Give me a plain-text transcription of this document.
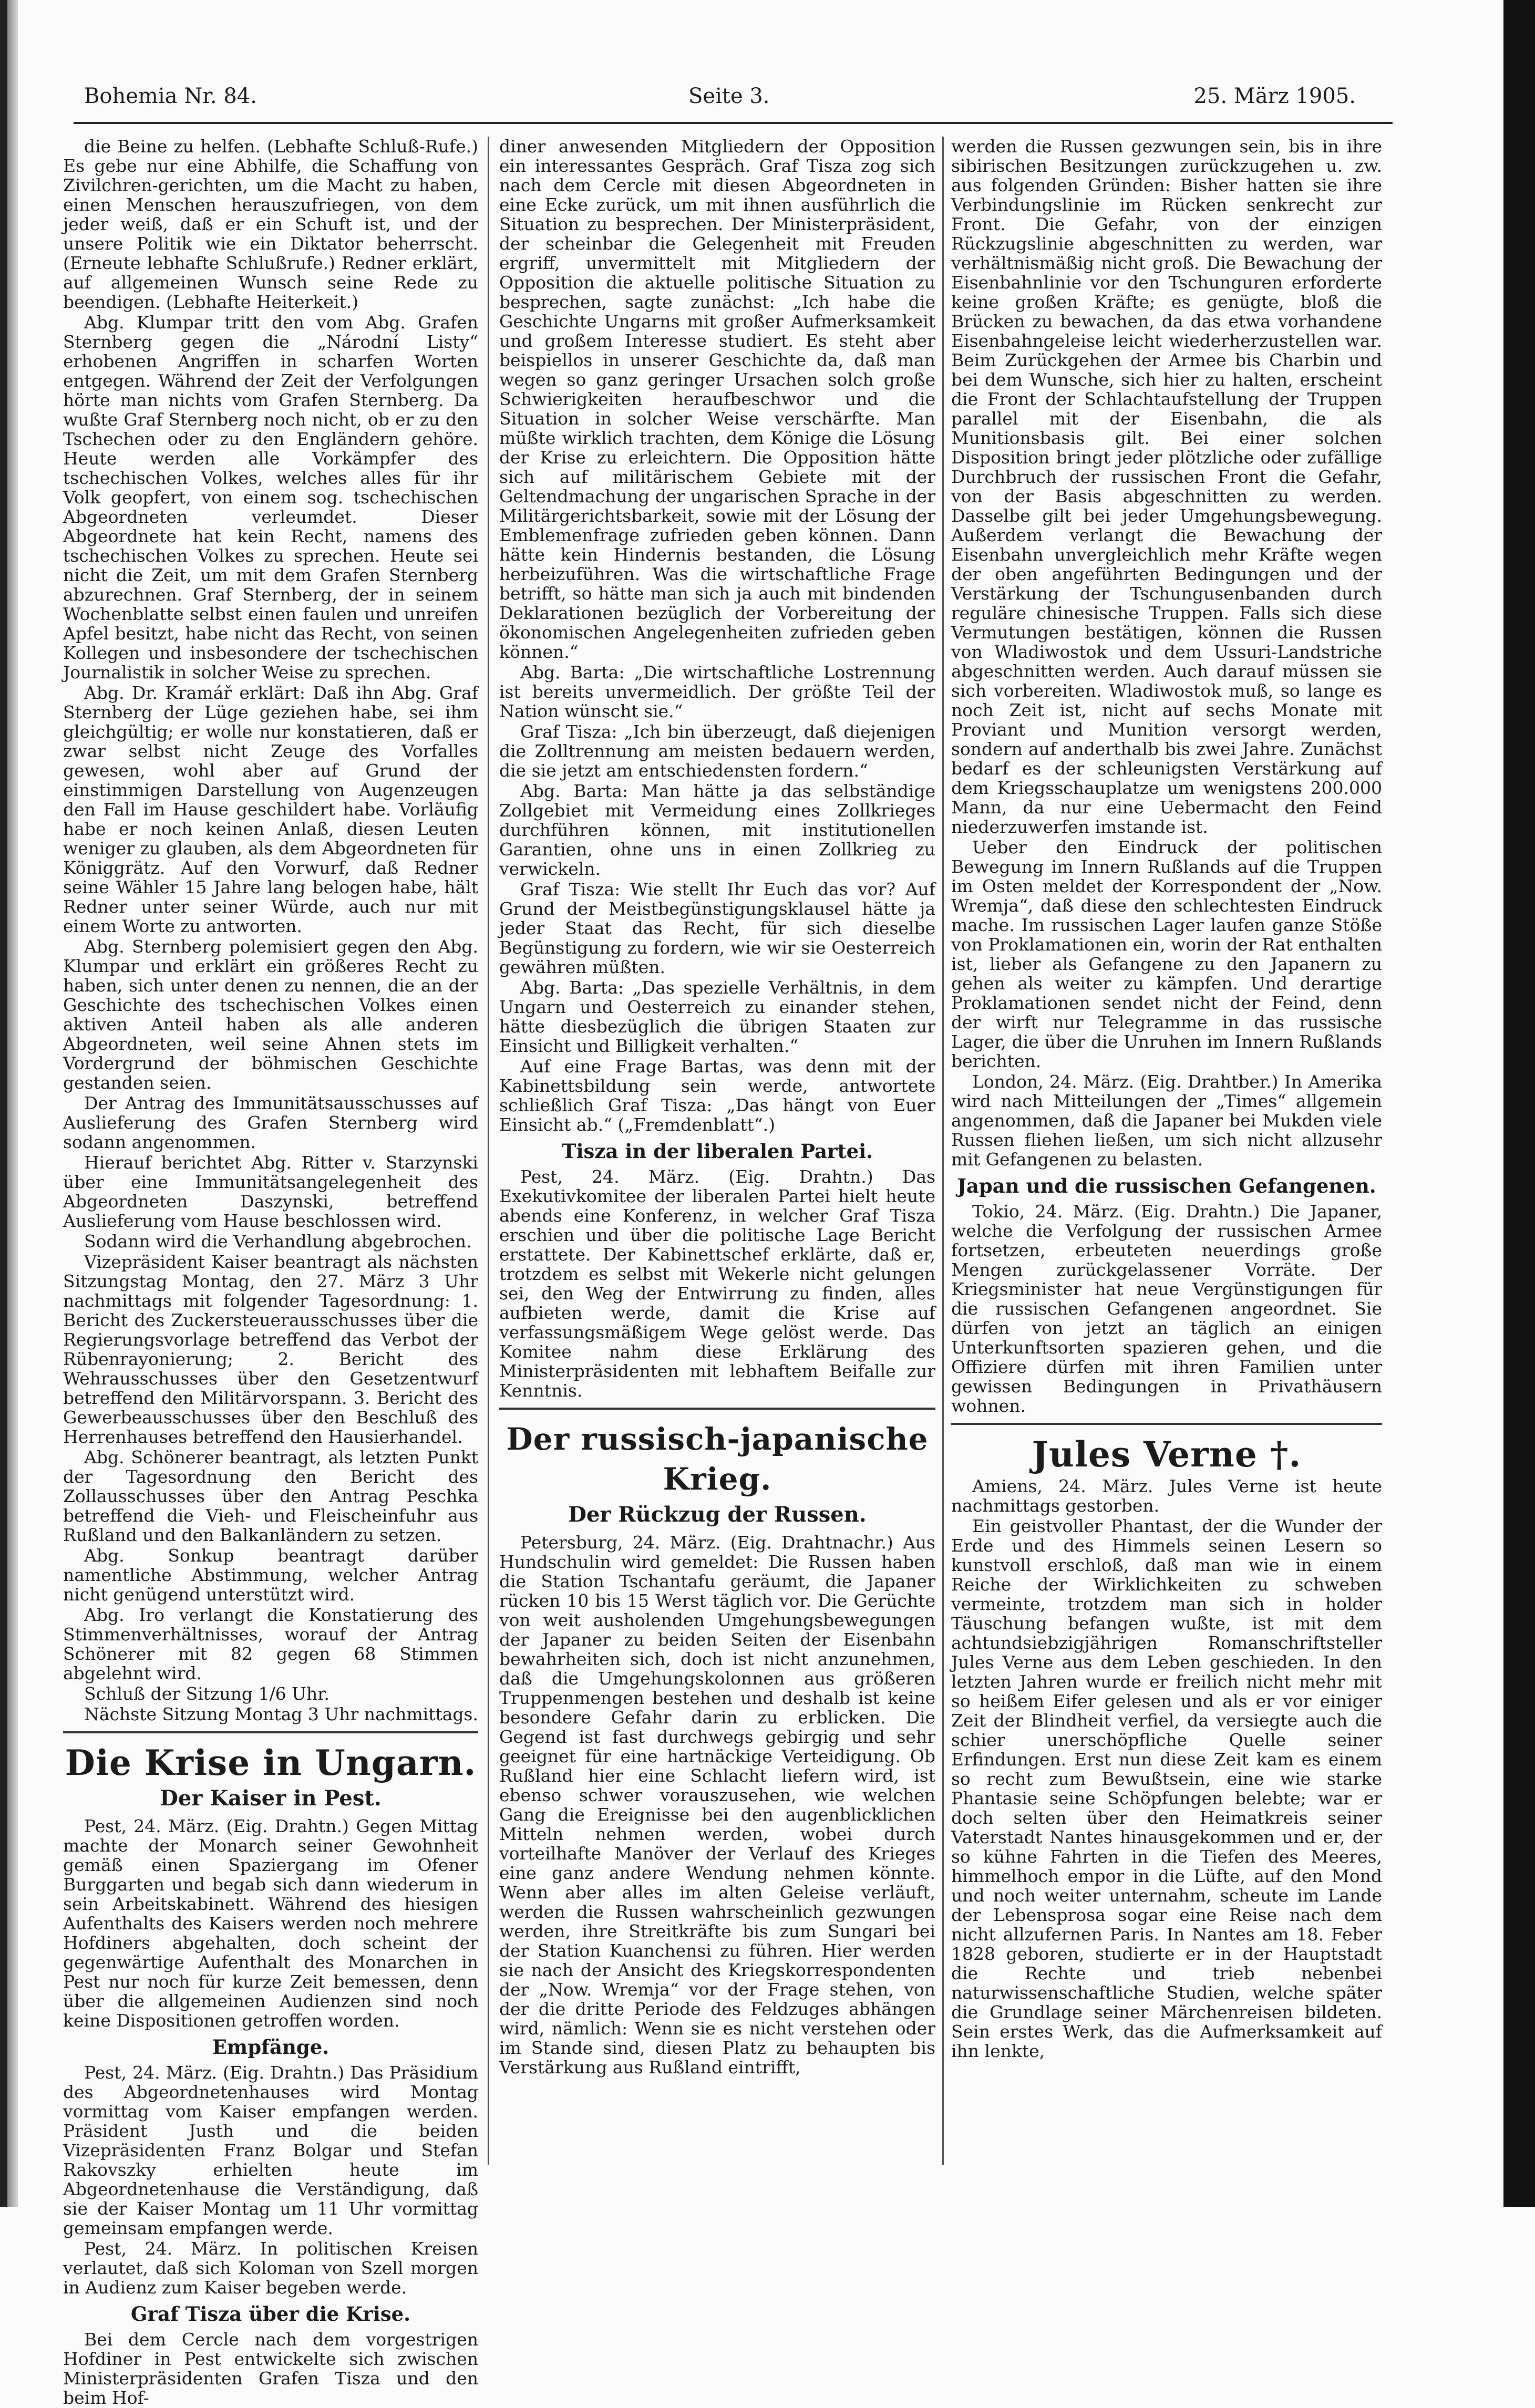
Bohemia Nr. 84.	Seite 3.	25. März 1905.

die Beine zu helfen. (Lebhafte Schluß-Rufe.) Es gebe nur eine Abhilfe, die Schaffung von Zivilchren-gerichten, um die Macht zu haben, einen Menschen herauszufriegen, von dem jeder weiß, daß er ein Schuft ist, und der unsere Politik wie ein Diktator beherrscht. (Erneute lebhafte Schlußrufe.) Redner erklärt, auf allgemeinen Wunsch seine Rede zu beendigen. (Lebhafte Heiterkeit.)

Abg. Klumpar tritt den vom Abg. Grafen Sternberg gegen die „Národní Listy“ erhobenen Angriffen in scharfen Worten entgegen. Während der Zeit der Verfolgungen hörte man nichts vom Grafen Sternberg. Da wußte Graf Sternberg noch nicht, ob er zu den Tschechen oder zu den Engländern gehöre. Heute werden alle Vorkämpfer des tschechischen Volkes, welches alles für ihr Volk geopfert, von einem sog. tschechischen Abgeordneten verleumdet. Dieser Abgeordnete hat kein Recht, namens des tschechischen Volkes zu sprechen. Heute sei nicht die Zeit, um mit dem Grafen Sternberg abzurechnen. Graf Sternberg, der in seinem Wochenblatte selbst einen faulen und unreifen Apfel besitzt, habe nicht das Recht, von seinen Kollegen und insbesondere der tschechischen Journalistik in solcher Weise zu sprechen.

Abg. Dr. Kramář erklärt: Daß ihn Abg. Graf Sternberg der Lüge geziehen habe, sei ihm gleichgültig; er wolle nur konstatieren, daß er zwar selbst nicht Zeuge des Vorfalles gewesen, wohl aber auf Grund der einstimmigen Darstellung von Augenzeugen den Fall im Hause geschildert habe. Vorläufig habe er noch keinen Anlaß, diesen Leuten weniger zu glauben, als dem Abgeordneten für Königgrätz. Auf den Vorwurf, daß Redner seine Wähler 15 Jahre lang belogen habe, hält Redner unter seiner Würde, auch nur mit einem Worte zu antworten.

Abg. Sternberg polemisiert gegen den Abg. Klumpar und erklärt ein größeres Recht zu haben, sich unter denen zu nennen, die an der Geschichte des tschechischen Volkes einen aktiven Anteil haben als alle anderen Abgeordneten, weil seine Ahnen stets im Vordergrund der böhmischen Geschichte gestanden seien.

Der Antrag des Immunitätsausschusses auf Auslieferung des Grafen Sternberg wird sodann angenommen.

Hierauf berichtet Abg. Ritter v. Starzynski über eine Immunitätsangelegenheit des Abgeordneten Daszynski, betreffend Auslieferung vom Hause beschlossen wird.

Sodann wird die Verhandlung abgebrochen.

Vizepräsident Kaiser beantragt als nächsten Sitzungstag Montag, den 27. März 3 Uhr nachmittags mit folgender Tagesordnung: 1. Bericht des Zuckersteuerausschusses über die Regierungsvorlage betreffend das Verbot der Rübenrayonierung; 2. Bericht des Wehrausschusses über den Gesetzentwurf betreffend den Militärvorspann. 3. Bericht des Gewerbeausschusses über den Beschluß des Herrenhauses betreffend den Hausierhandel.

Abg. Schönerer beantragt, als letzten Punkt der Tagesordnung den Bericht des Zollausschusses über den Antrag Peschka betreffend die Vieh- und Fleischeinfuhr aus Rußland und den Balkanländern zu setzen.

Abg. Sonkup beantragt darüber namentliche Abstimmung, welcher Antrag nicht genügend unterstützt wird.

Abg. Iro verlangt die Konstatierung des Stimmenverhältnisses, worauf der Antrag Schönerer mit 82 gegen 68 Stimmen abgelehnt wird.

Schluß der Sitzung 1/6 Uhr.

Nächste Sitzung Montag 3 Uhr nachmittags.

Die Krise in Ungarn.
Der Kaiser in Pest.

Pest, 24. März. (Eig. Drahtn.) Gegen Mittag machte der Monarch seiner Gewohnheit gemäß einen Spaziergang im Ofener Burggarten und begab sich dann wiederum in sein Arbeitskabinett. Während des hiesigen Aufenthalts des Kaisers werden noch mehrere Hofdiners abgehalten, doch scheint der gegenwärtige Aufenthalt des Monarchen in Pest nur noch für kurze Zeit bemessen, denn über die allgemeinen Audienzen sind noch keine Dispositionen getroffen worden.

Empfänge.

Pest, 24. März. (Eig. Drahtn.) Das Präsidium des Abgeordnetenhauses wird Montag vormittag vom Kaiser empfangen werden. Präsident Justh und die beiden Vizepräsidenten Franz Bolgar und Stefan Rakovszky erhielten heute im Abgeordnetenhause die Verständigung, daß sie der Kaiser Montag um 11 Uhr vormittag gemeinsam empfangen werde.

Pest, 24. März. In politischen Kreisen verlautet, daß sich Koloman von Szell morgen in Audienz zum Kaiser begeben werde.

Graf Tisza über die Krise.

Bei dem Cercle nach dem vorgestrigen Hofdiner in Pest entwickelte sich zwischen Ministerpräsidenten Grafen Tisza und den beim Hof-

diner anwesenden Mitgliedern der Opposition ein interessantes Gespräch. Graf Tisza zog sich nach dem Cercle mit diesen Abgeordneten in eine Ecke zurück, um mit ihnen ausführlich die Situation zu besprechen. Der Ministerpräsident, der scheinbar die Gelegenheit mit Freuden ergriff, unvermittelt mit Mitgliedern der Opposition die aktuelle politische Situation zu besprechen, sagte zunächst: „Ich habe die Geschichte Ungarns mit großer Aufmerksamkeit und großem Interesse studiert. Es steht aber beispiellos in unserer Geschichte da, daß man wegen so ganz geringer Ursachen solch große Schwierigkeiten heraufbeschwor und die Situation in solcher Weise verschärfte. Man müßte wirklich trachten, dem Könige die Lösung der Krise zu erleichtern. Die Opposition hätte sich auf militärischem Gebiete mit der Geltendmachung der ungarischen Sprache in der Militärgerichtsbarkeit, sowie mit der Lösung der Emblemenfrage zufrieden geben können. Dann hätte kein Hindernis bestanden, die Lösung herbeizuführen. Was die wirtschaftliche Frage betrifft, so hätte man sich ja auch mit bindenden Deklarationen bezüglich der Vorbereitung der ökonomischen Angelegenheiten zufrieden geben können.“

Abg. Barta: „Die wirtschaftliche Lostrennung ist bereits unvermeidlich. Der größte Teil der Nation wünscht sie.“

Graf Tisza: „Ich bin überzeugt, daß diejenigen die Zolltrennung am meisten bedauern werden, die sie jetzt am entschiedensten fordern.“

Abg. Barta: Man hätte ja das selbständige Zollgebiet mit Vermeidung eines Zollkrieges durchführen können, mit institutionellen Garantien, ohne uns in einen Zollkrieg zu verwickeln.

Graf Tisza: Wie stellt Ihr Euch das vor? Auf Grund der Meistbegünstigungsklausel hätte ja jeder Staat das Recht, für sich dieselbe Begünstigung zu fordern, wie wir sie Oesterreich gewähren müßten.

Abg. Barta: „Das spezielle Verhältnis, in dem Ungarn und Oesterreich zu einander stehen, hätte diesbezüglich die übrigen Staaten zur Einsicht und Billigkeit verhalten.“

Auf eine Frage Bartas, was denn mit der Kabinettsbildung sein werde, antwortete schließlich Graf Tisza: „Das hängt von Euer Einsicht ab.“ („Fremdenblatt“.)

Tisza in der liberalen Partei.

Pest, 24. März. (Eig. Drahtn.) Das Exekutivkomitee der liberalen Partei hielt heute abends eine Konferenz, in welcher Graf Tisza erschien und über die politische Lage Bericht erstattete. Der Kabinettschef erklärte, daß er, trotzdem es selbst mit Wekerle nicht gelungen sei, den Weg der Entwirrung zu finden, alles aufbieten werde, damit die Krise auf verfassungsmäßigem Wege gelöst werde. Das Komitee nahm diese Erklärung des Ministerpräsidenten mit lebhaftem Beifalle zur Kenntnis.

Der russisch-japanische Krieg.
Der Rückzug der Russen.

Petersburg, 24. März. (Eig. Drahtnachr.) Aus Hundschulin wird gemeldet: Die Russen haben die Station Tschantafu geräumt, die Japaner rücken 10 bis 15 Werst täglich vor. Die Gerüchte von weit ausholenden Umgehungsbewegungen der Japaner zu beiden Seiten der Eisenbahn bewahrheiten sich, doch ist nicht anzunehmen, daß die Umgehungskolonnen aus größeren Truppenmengen bestehen und deshalb ist keine besondere Gefahr darin zu erblicken. Die Gegend ist fast durchwegs gebirgig und sehr geeignet für eine hartnäckige Verteidigung. Ob Rußland hier eine Schlacht liefern wird, ist ebenso schwer vorauszusehen, wie welchen Gang die Ereignisse bei den augenblicklichen Mitteln nehmen werden, wobei durch vorteilhafte Manöver der Verlauf des Krieges eine ganz andere Wendung nehmen könnte. Wenn aber alles im alten Geleise verläuft, werden die Russen wahrscheinlich gezwungen werden, ihre Streitkräfte bis zum Sungari bei der Station Kuanchensi zu führen. Hier werden sie nach der Ansicht des Kriegskorrespondenten der „Now. Wremja“ vor der Frage stehen, von der die dritte Periode des Feldzuges abhängen wird, nämlich: Wenn sie es nicht verstehen oder im Stande sind, diesen Platz zu behaupten bis Verstärkung aus Rußland eintrifft,

werden die Russen gezwungen sein, bis in ihre sibirischen Besitzungen zurückzugehen u. zw. aus folgenden Gründen: Bisher hatten sie ihre Verbindungslinie im Rücken senkrecht zur Front. Die Gefahr, von der einzigen Rückzugslinie abgeschnitten zu werden, war verhältnismäßig nicht groß. Die Bewachung der Eisenbahnlinie vor den Tschunguren erforderte keine großen Kräfte; es genügte, bloß die Brücken zu bewachen, da das etwa vorhandene Eisenbahngeleise leicht wiederherzustellen war. Beim Zurückgehen der Armee bis Charbin und bei dem Wunsche, sich hier zu halten, erscheint die Front der Schlachtaufstellung der Truppen parallel mit der Eisenbahn, die als Munitionsbasis gilt. Bei einer solchen Disposition bringt jeder plötzliche oder zufällige Durchbruch der russischen Front die Gefahr, von der Basis abgeschnitten zu werden. Dasselbe gilt bei jeder Umgehungsbewegung. Außerdem verlangt die Bewachung der Eisenbahn unvergleichlich mehr Kräfte wegen der oben angeführten Bedingungen und der Verstärkung der Tschungusenbanden durch reguläre chinesische Truppen. Falls sich diese Vermutungen bestätigen, können die Russen von Wladiwostok und dem Ussuri-Landstriche abgeschnitten werden. Auch darauf müssen sie sich vorbereiten. Wladiwostok muß, so lange es noch Zeit ist, nicht auf sechs Monate mit Proviant und Munition versorgt werden, sondern auf anderthalb bis zwei Jahre. Zunächst bedarf es der schleunigsten Verstärkung auf dem Kriegsschauplatze um wenigstens 200.000 Mann, da nur eine Uebermacht den Feind niederzuwerfen imstande ist.

Ueber den Eindruck der politischen Bewegung im Innern Rußlands auf die Truppen im Osten meldet der Korrespondent der „Now. Wremja“, daß diese den schlechtesten Eindruck mache. Im russischen Lager laufen ganze Stöße von Proklamationen ein, worin der Rat enthalten ist, lieber als Gefangene zu den Japanern zu gehen als weiter zu kämpfen. Und derartige Proklamationen sendet nicht der Feind, denn der wirft nur Telegramme in das russische Lager, die über die Unruhen im Innern Rußlands berichten.

London, 24. März. (Eig. Drahtber.) In Amerika wird nach Mitteilungen der „Times“ allgemein angenommen, daß die Japaner bei Mukden viele Russen fliehen ließen, um sich nicht allzusehr mit Gefangenen zu belasten.

Japan und die russischen Gefangenen.

Tokio, 24. März. (Eig. Drahtn.) Die Japaner, welche die Verfolgung der russischen Armee fortsetzen, erbeuteten neuerdings große Mengen zurückgelassener Vorräte. Der Kriegsminister hat neue Vergünstigungen für die russischen Gefangenen angeordnet. Sie dürfen von jetzt an täglich an einigen Unterkunftsorten spazieren gehen, und die Offiziere dürfen mit ihren Familien unter gewissen Bedingungen in Privathäusern wohnen.

Jules Verne †.

Amiens, 24. März. Jules Verne ist heute nachmittags gestorben.

Ein geistvoller Phantast, der die Wunder der Erde und des Himmels seinen Lesern so kunstvoll erschloß, daß man wie in einem Reiche der Wirklichkeiten zu schweben vermeinte, trotzdem man sich in holder Täuschung befangen wußte, ist mit dem achtundsiebzigjährigen Romanschriftsteller Jules Verne aus dem Leben geschieden. In den letzten Jahren wurde er freilich nicht mehr mit so heißem Eifer gelesen und als er vor einiger Zeit der Blindheit verfiel, da versiegte auch die schier unerschöpfliche Quelle seiner Erfindungen. Erst nun diese Zeit kam es einem so recht zum Bewußtsein, eine wie starke Phantasie seine Schöpfungen belebte; war er doch selten über den Heimatkreis seiner Vaterstadt Nantes hinausgekommen und er, der so kühne Fahrten in die Tiefen des Meeres, himmelhoch empor in die Lüfte, auf den Mond und noch weiter unternahm, scheute im Lande der Lebensprosa sogar eine Reise nach dem nicht allzufernen Paris. In Nantes am 18. Feber 1828 geboren, studierte er in der Hauptstadt die Rechte und trieb nebenbei naturwissenschaftliche Studien, welche später die Grundlage seiner Märchenreisen bildeten. Sein erstes Werk, das die Aufmerksamkeit auf ihn lenkte,
